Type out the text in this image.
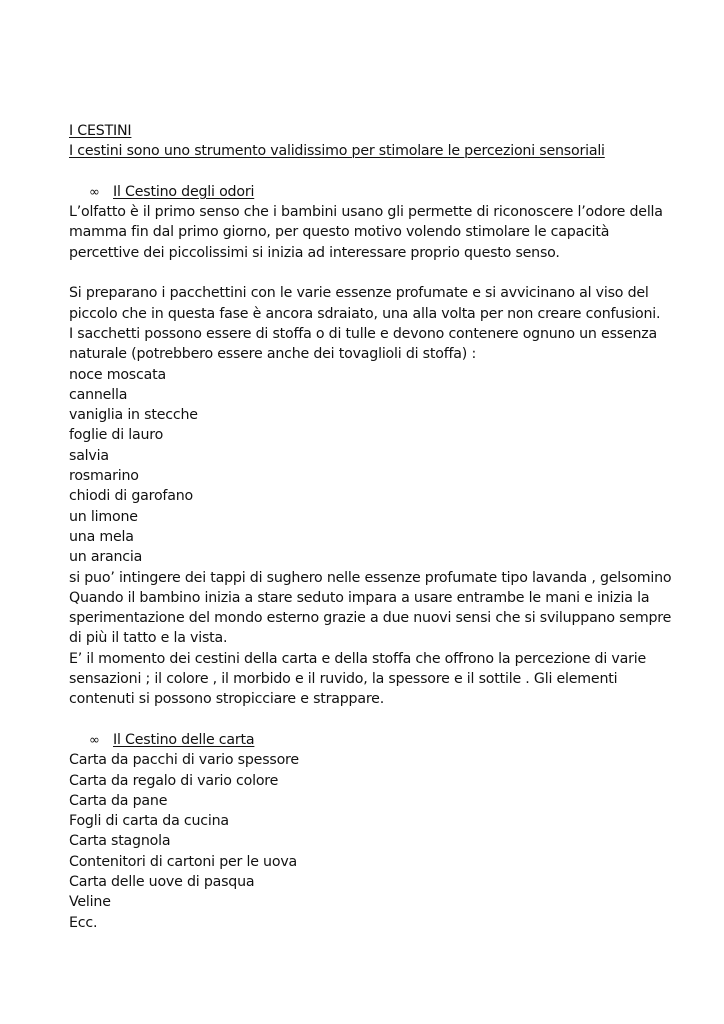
I CESTINI
I cestini sono uno strumento validissimo per stimolare le percezioni sensoriali
∞ Il Cestino degli odori
L’olfatto è il primo senso che i bambini usano gli permette di riconoscere l’odore della
mamma fin dal primo giorno, per questo motivo volendo stimolare le capacità
percettive dei piccolissimi si inizia ad interessare proprio questo senso.
Si preparano i pacchettini con le varie essenze profumate e si avvicinano al viso del
piccolo che in questa fase è ancora sdraiato, una alla volta per non creare confusioni.
I sacchetti possono essere di stoffa o di tulle e devono contenere ognuno un essenza
naturale (potrebbero essere anche dei tovaglioli di stoffa) :
noce moscata
cannella
vaniglia in stecche
foglie di lauro
salvia
rosmarino
chiodi di garofano
un limone
una mela
un arancia
si puo’ intingere dei tappi di sughero nelle essenze profumate tipo lavanda , gelsomino
Quando il bambino inizia a stare seduto impara a usare entrambe le mani e inizia la
sperimentazione del mondo esterno grazie a due nuovi sensi che si sviluppano sempre
di più il tatto e la vista.
E’ il momento dei cestini della carta e della stoffa che offrono la percezione di varie
sensazioni ; il colore , il morbido e il ruvido, la spessore e il sottile . Gli elementi
contenuti si possono stropicciare e strappare.
∞ Il Cestino delle carta
Carta da pacchi di vario spessore
Carta da regalo di vario colore
Carta da pane
Fogli di carta da cucina
Carta stagnola
Contenitori di cartoni per le uova
Carta delle uove di pasqua
Veline
Ecc.
